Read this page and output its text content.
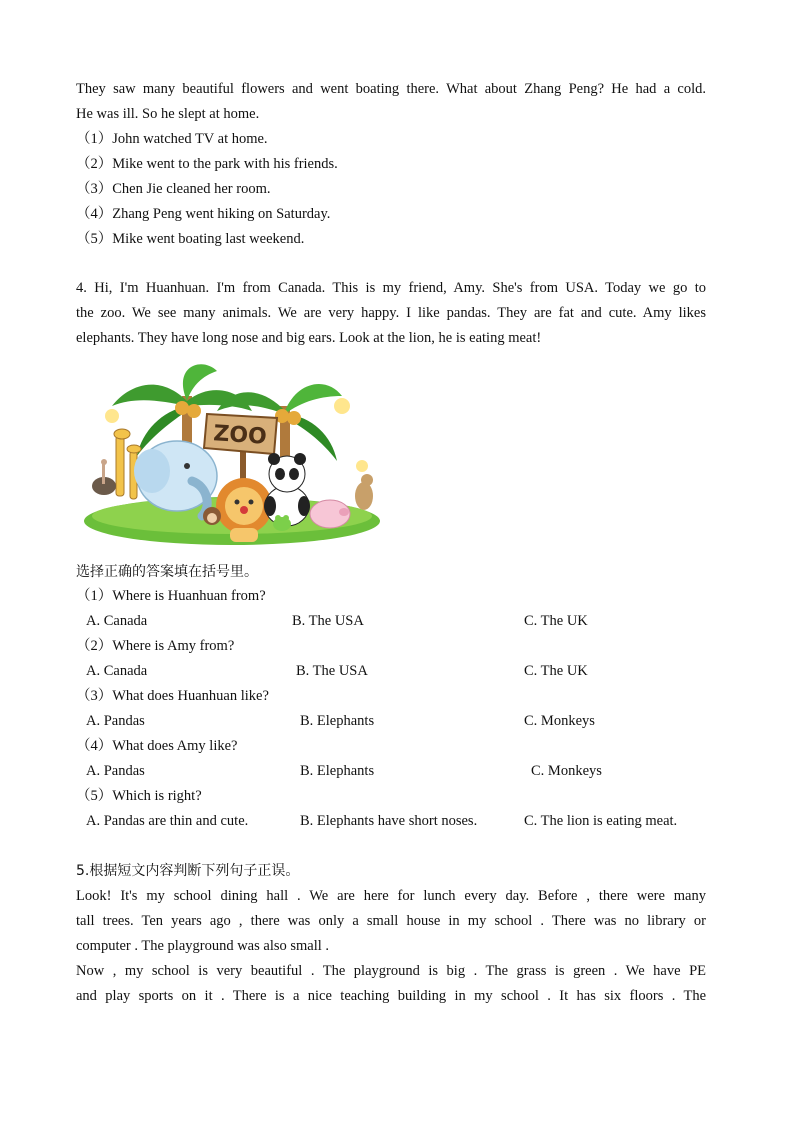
They saw many beautiful flowers and went boating there. What about Zhang Peng? He had a cold.
He was ill. So he slept at home.
（1）John watched TV at home.
（2）Mike went to the park with his friends.
（3）Chen Jie cleaned her room.
（4）Zhang Peng went hiking on Saturday.
（5）Mike went boating last weekend.
4. Hi, I'm Huanhuan. I'm from Canada. This is my friend, Amy. She's from USA. Today we go to
the zoo. We see many animals. We are very happy. I like pandas. They are fat and cute. Amy likes
elephants. They have long nose and big ears. Look at the lion, he is eating meat!
ZOO
选择正确的答案填在括号里。
（1）Where is Huanhuan from?
A. Canada	B. The USA	C. The UK
（2）Where is Amy from?
A. Canada	B. The USA	C. The UK
（3）What does Huanhuan like?
A. Pandas	B. Elephants	C. Monkeys
（4）What does Amy like?
A. Pandas	B. Elephants	C. Monkeys
（5）Which is right?
A. Pandas are thin and cute.	B. Elephants have short noses.	C. The lion is eating meat.
5.根据短文内容判断下列句子正误。
Look! It's my school dining hall . We are here for lunch every day. Before , there were many
tall trees. Ten years ago , there was only a small house in my school . There was no library or
computer . The playground was also small .
Now , my school is very beautiful . The playground is big . The grass is green . We have PE
and play sports on it . There is a nice teaching building in my school . It has six floors . The
